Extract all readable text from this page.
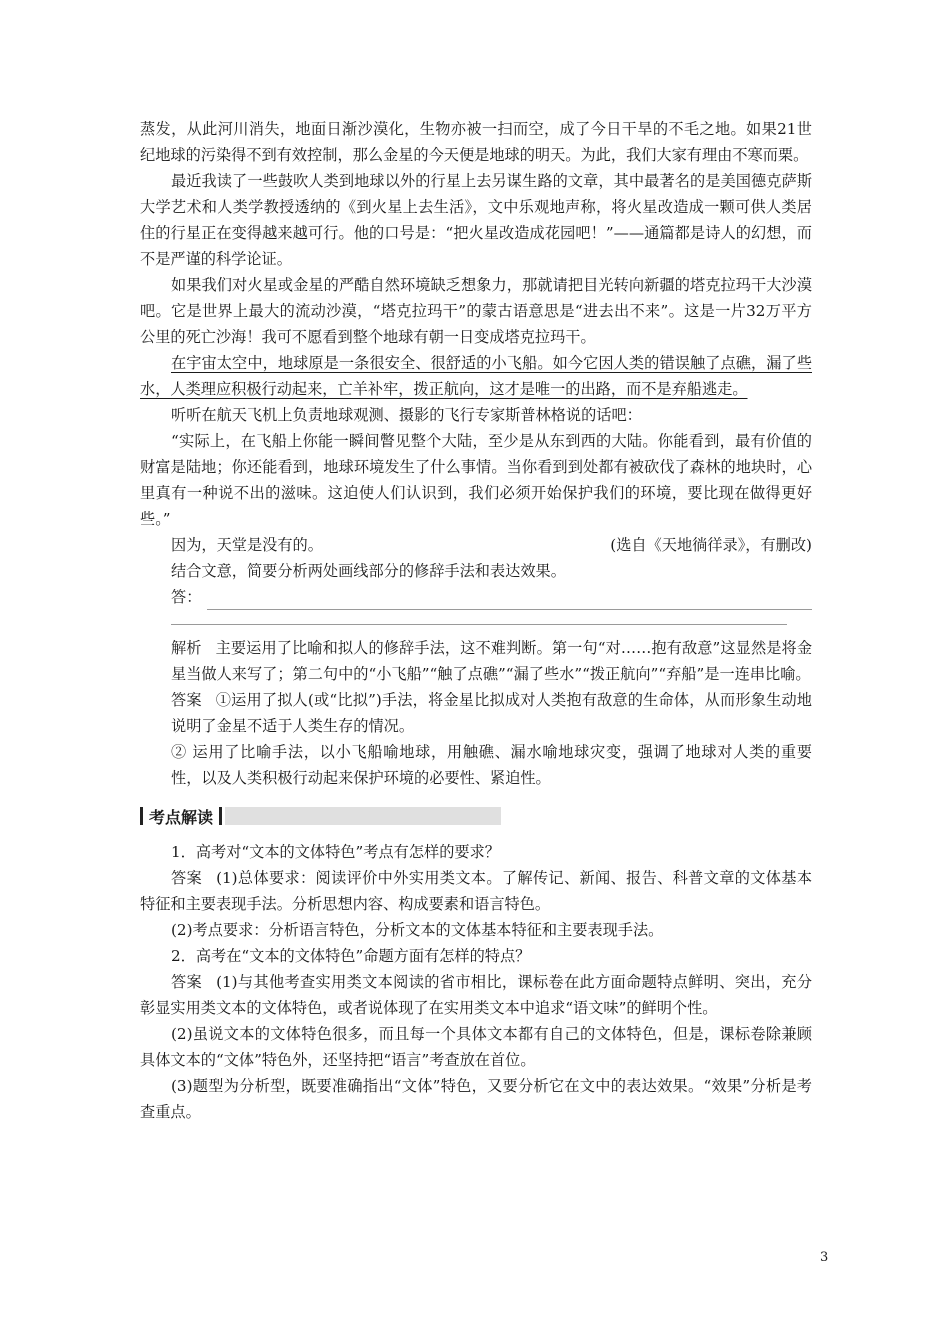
蒸发，从此河川消失，地面日渐沙漠化，生物亦被一扫而空，成了今日干旱的不毛之地。如果21世纪地球的污染得不到有效控制，那么金星的今天便是地球的明天。为此，我们大家有理由不寒而栗。

最近我读了一些鼓吹人类到地球以外的行星上去另谋生路的文章，其中最著名的是美国德克萨斯大学艺术和人类学教授透纳的《到火星上去生活》，文中乐观地声称，将火星改造成一颗可供人类居住的行星正在变得越来越可行。他的口号是：“把火星改造成花园吧！”——通篇都是诗人的幻想，而不是严谨的科学论证。

如果我们对火星或金星的严酷自然环境缺乏想象力，那就请把目光转向新疆的塔克拉玛干大沙漠吧。它是世界上最大的流动沙漠，“塔克拉玛干”的蒙古语意思是“进去出不来”。这是一片32万平方公里的死亡沙海！我可不愿看到整个地球有朝一日变成塔克拉玛干。

在宇宙太空中，地球原是一条很安全、很舒适的小飞船。如今它因人类的错误触了点礁，漏了些水，人类理应积极行动起来，亡羊补牢，拨正航向，这才是唯一的出路，而不是弃船逃走。

听听在航天飞机上负责地球观测、摄影的飞行专家斯普林格说的话吧：

“实际上，在飞船上你能一瞬间瞥见整个大陆，至少是从东到西的大陆。你能看到，最有价值的财富是陆地；你还能看到，地球环境发生了什么事情。当你看到到处都有被砍伐了森林的地块时，心里真有一种说不出的滋味。这迫使人们认识到，我们必须开始保护我们的环境，要比现在做得更好些。”

因为，天堂是没有的。	(选自《天地徜徉录》，有删改)

结合文意，简要分析两处画线部分的修辞手法和表达效果。

答：

解析 主要运用了比喻和拟人的修辞手法，这不难判断。第一句“对……抱有敌意”这显然是将金星当做人来写了；第二句中的“小飞船”“触了点礁”“漏了些水”“拨正航向”“弃船”是一连串比喻。

答案 ①运用了拟人(或“比拟”)手法，将金星比拟成对人类抱有敌意的生命体，从而形象生动地说明了金星不适于人类生存的情况。

② 运用了比喻手法，以小飞船喻地球，用触礁、漏水喻地球灾变，强调了地球对人类的重要性，以及人类积极行动起来保护环境的必要性、紧迫性。

考点解读

1．高考对“文本的文体特色”考点有怎样的要求？

答案 (1)总体要求：阅读评价中外实用类文本。了解传记、新闻、报告、科普文章的文体基本特征和主要表现手法。分析思想内容、构成要素和语言特色。

(2)考点要求：分析语言特色，分析文本的文体基本特征和主要表现手法。

2．高考在“文本的文体特色”命题方面有怎样的特点？

答案 (1)与其他考查实用类文本阅读的省市相比，课标卷在此方面命题特点鲜明、突出，充分彰显实用类文本的文体特色，或者说体现了在实用类文本中追求“语文味”的鲜明个性。

(2)虽说文本的文体特色很多，而且每一个具体文本都有自己的文体特色，但是，课标卷除兼顾具体文本的“文体”特色外，还坚持把“语言”考查放在首位。

(3)题型为分析型，既要准确指出“文体”特色，又要分析它在文中的表达效果。“效果”分析是考查重点。

3
